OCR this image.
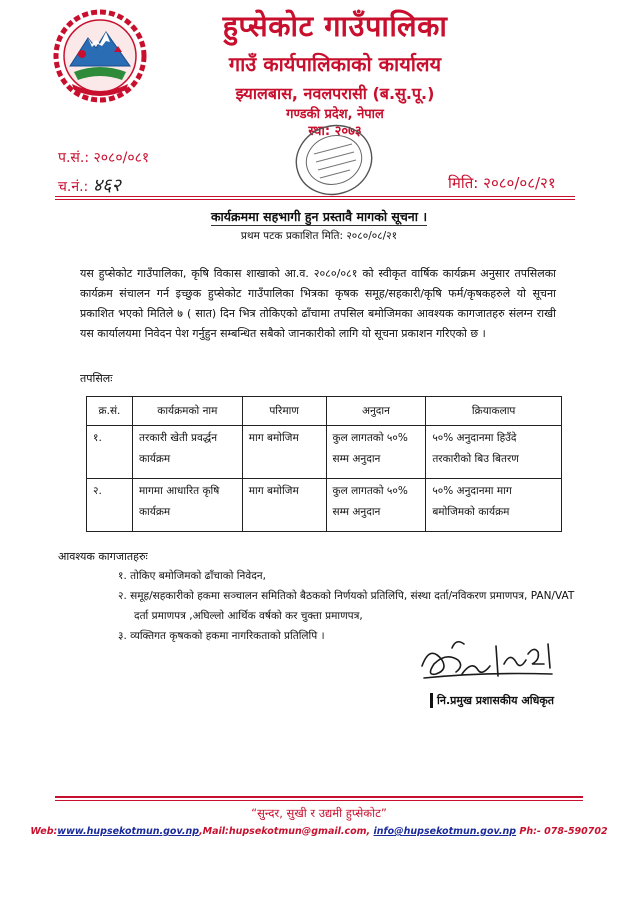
हुप्सेकोट गाउँपालिका
गाउँ कार्यपालिकाको कार्यालय
झ्यालबास, नवलपरासी (ब.सु.पू.)
गण्डकी प्रदेश, नेपाल
स्था: २०७३
प.सं.: २०८०/०८१
च.नं.: ४६२	मिति: २०८०/०८/२१
कार्यक्रममा सहभागी हुन प्रस्तावै मागको सूचना ।
प्रथम पटक प्रकाशित मिति: २०८०/०८/२१
यस हुप्सेकोट गाउँपालिका, कृषि विकास शाखाको आ.व. २०८०/०८१ को स्वीकृत वार्षिक कार्यक्रम अनुसार तपसिलका कार्यक्रम संचालन गर्न इच्छुक हुप्सेकोट गाउँपालिका भित्रका कृषक समूह/सहकारी/कृषि फर्म/कृषकहरुले यो सूचना प्रकाशित भएको मितिले ७ ( सात) दिन भित्र तोकिएको ढाँचामा तपसिल बमोजिमका आवश्यक कागजातहरु संलग्न राखी यस कार्यालयमा निवेदन पेश गर्नुहुन सम्बन्धित सबैको जानकारीको लागि यो सूचना प्रकाशन गरिएको छ ।
तपसिलः
क्र.सं.	कार्यक्रमको नाम	परिमाण	अनुदान	क्रियाकलाप
१.	तरकारी खेती प्रवर्द्धन कार्यक्रम	माग बमोजिम	कुल लागतको ५०% सम्म अनुदान	५०% अनुदानमा हिउँदे तरकारीको बिउ बितरण
२.	मागमा आधारित कृषि कार्यक्रम	माग बमोजिम	कुल लागतको ५०% सम्म अनुदान	५०% अनुदानमा माग बमोजिमको कार्यक्रम
आवश्यक कागजातहरुः
१. तोकिए बमोजिमको ढाँचाको निवेदन,
२. समूह/सहकारीको हकमा सञ्चालन समितिको बैठकको निर्णयको प्रतिलिपि, संस्था दर्ता/नविकरण प्रमाणपत्र, PAN/VAT दर्ता प्रमाणपत्र ,अघिल्लो आर्थिक वर्षको कर चुक्ता प्रमाणपत्र,
३. व्यक्तिगत कृषकको हकमा नागरिकताको प्रतिलिपि ।
नि.प्रमुख प्रशासकीय अधिकृत
“सुन्दर, सुखी र उद्यमी हुप्सेकोट”
Web:www.hupsekotmun.gov.np,Mail:hupsekotmun@gmail.com, info@hupsekotmun.gov.np Ph:- 078-590702
